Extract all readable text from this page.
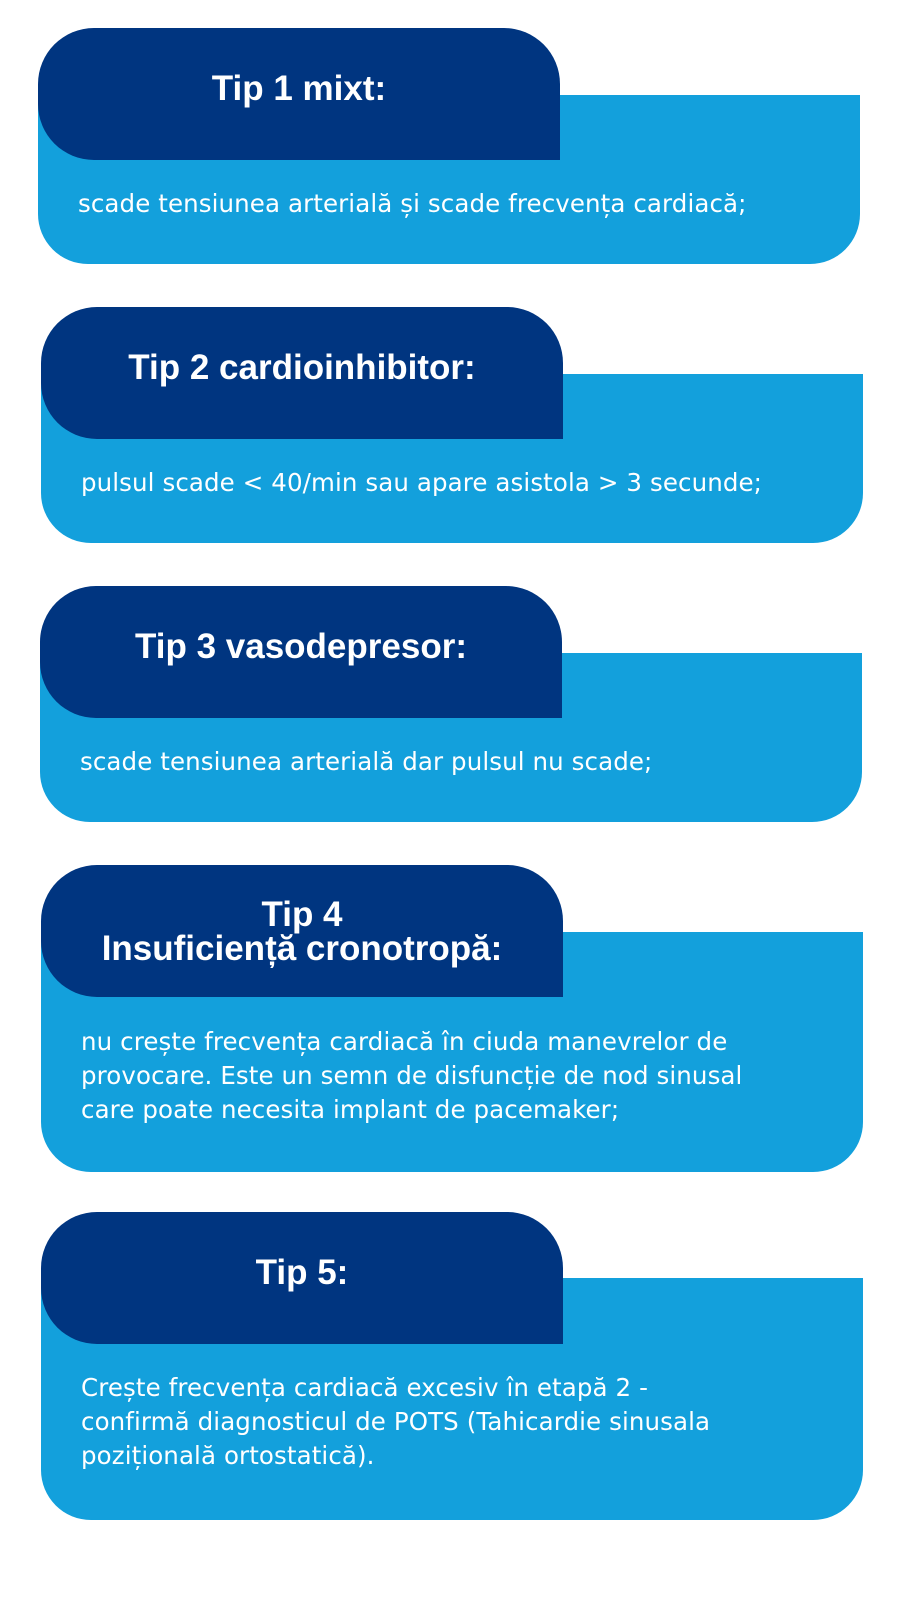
Tip 1 mixt:
scade tensiunea arterială și scade frecvența cardiacă;
Tip 2 cardioinhibitor:
pulsul scade < 40/min sau apare asistola > 3 secunde;
Tip 3 vasodepresor:
scade tensiunea arterială dar pulsul nu scade;
Tip 4
Insuficiență cronotropă:
nu crește frecvența cardiacă în ciuda manevrelor de
provocare. Este un semn de disfuncție de nod sinusal
care poate necesita implant de pacemaker;
Tip 5:
Crește frecvența cardiacă excesiv în etapă 2 -
confirmă diagnosticul de POTS (Tahicardie sinusala
pozițională ortostatică).
